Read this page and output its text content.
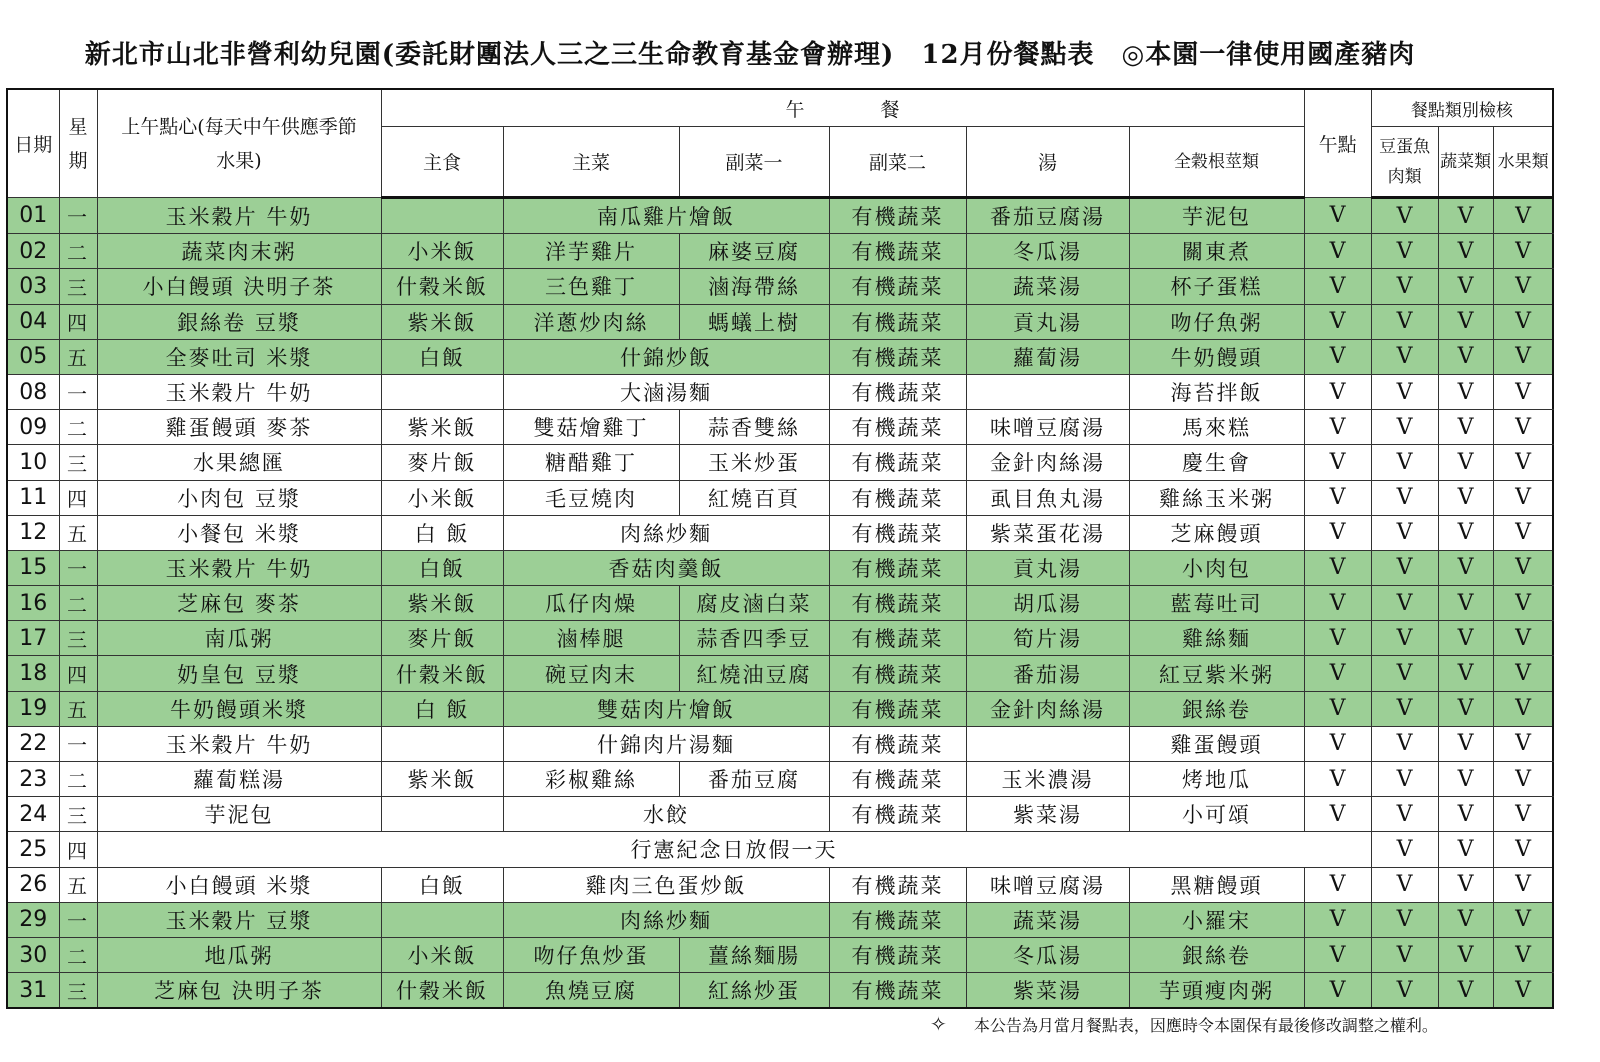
新北市山北非營利幼兒園(委託財團法人三之三生命教育基金會辦理)　12月份餐點表　◎本園一律使用國產豬肉
日期	星期	上午點心(每天中午供應季節水果)	午　　　　餐						午點	餐點類別檢核			
			主食	主菜	副菜一	副菜二	湯	全穀根莖類		豆蛋魚肉類	蔬菜類	水果類	
01	一	玉米穀片 牛奶		南瓜雞片燴飯		有機蔬菜	番茄豆腐湯	芋泥包	V	V	V	V	
02	二	蔬菜肉末粥	小米飯	洋芋雞片	麻婆豆腐	有機蔬菜	冬瓜湯	關東煮	V	V	V	V	
03	三	小白饅頭 決明子茶	什穀米飯	三色雞丁	滷海帶絲	有機蔬菜	蔬菜湯	杯子蛋糕	V	V	V	V	
04	四	銀絲卷 豆漿	紫米飯	洋蔥炒肉絲	螞蟻上樹	有機蔬菜	貢丸湯	吻仔魚粥	V	V	V	V	
05	五	全麥吐司 米漿	白飯	什錦炒飯		有機蔬菜	蘿蔔湯	牛奶饅頭	V	V	V	V	
08	一	玉米穀片 牛奶		大滷湯麵		有機蔬菜		海苔拌飯	V	V	V	V	
09	二	雞蛋饅頭 麥茶	紫米飯	雙菇燴雞丁	蒜香雙絲	有機蔬菜	味噌豆腐湯	馬來糕	V	V	V	V	
10	三	水果總匯	麥片飯	糖醋雞丁	玉米炒蛋	有機蔬菜	金針肉絲湯	慶生會	V	V	V	V	
11	四	小肉包 豆漿	小米飯	毛豆燒肉	紅燒百頁	有機蔬菜	虱目魚丸湯	雞絲玉米粥	V	V	V	V	
12	五	小餐包 米漿	白 飯	肉絲炒麵		有機蔬菜	紫菜蛋花湯	芝麻饅頭	V	V	V	V	
15	一	玉米穀片 牛奶	白飯	香菇肉羹飯		有機蔬菜	貢丸湯	小肉包	V	V	V	V	
16	二	芝麻包 麥茶	紫米飯	瓜仔肉燥	腐皮滷白菜	有機蔬菜	胡瓜湯	藍莓吐司	V	V	V	V	
17	三	南瓜粥	麥片飯	滷棒腿	蒜香四季豆	有機蔬菜	筍片湯	雞絲麵	V	V	V	V	
18	四	奶皇包 豆漿	什穀米飯	碗豆肉末	紅燒油豆腐	有機蔬菜	番茄湯	紅豆紫米粥	V	V	V	V	
19	五	牛奶饅頭米漿	白 飯	雙菇肉片燴飯		有機蔬菜	金針肉絲湯	銀絲卷	V	V	V	V	
22	一	玉米穀片 牛奶		什錦肉片湯麵		有機蔬菜		雞蛋饅頭	V	V	V	V	
23	二	蘿蔔糕湯	紫米飯	彩椒雞絲	番茄豆腐	有機蔬菜	玉米濃湯	烤地瓜	V	V	V	V	
24	三	芋泥包		水餃		有機蔬菜	紫菜湯	小可頌	V	V	V	V	
25	四	行憲紀念日放假一天								V	V	V	
26	五	小白饅頭 米漿	白飯	雞肉三色蛋炒飯		有機蔬菜	味噌豆腐湯	黑糖饅頭	V	V	V	V	
29	一	玉米穀片 豆漿		肉絲炒麵		有機蔬菜	蔬菜湯	小羅宋	V	V	V	V	
30	二	地瓜粥	小米飯	吻仔魚炒蛋	薑絲麵腸	有機蔬菜	冬瓜湯	銀絲卷	V	V	V	V	
31	三	芝麻包 決明子茶	什穀米飯	魚燒豆腐	紅絲炒蛋	有機蔬菜	紫菜湯	芋頭瘦肉粥	V	V	V	V	
✧ 本公告為月當月餐點表，因應時令本園保有最後修改調整之權利。
